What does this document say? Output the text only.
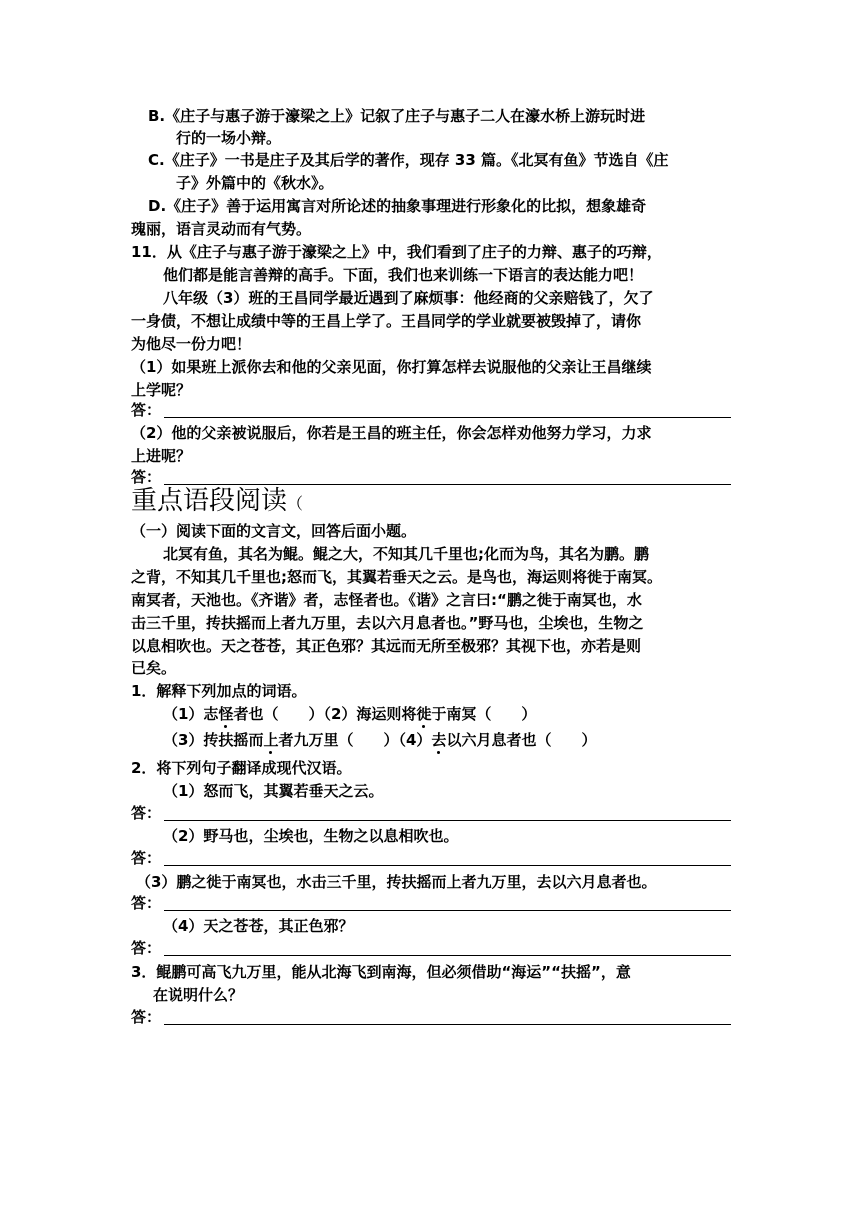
B.《庄子与惠子游于濠梁之上》记叙了庄子与惠子二人在濠水桥上游玩时进
行的一场小辩。
C.《庄子》一书是庄子及其后学的著作，现存 33 篇。《北冥有鱼》节选自《庄
子》外篇中的《秋水》。
D.《庄子》善于运用寓言对所论述的抽象事理进行形象化的比拟，想象雄奇
瑰丽，语言灵动而有气势。
11．从《庄子与惠子游于濠梁之上》中，我们看到了庄子的力辩、惠子的巧辩，
他们都是能言善辩的高手。下面，我们也来训练一下语言的表达能力吧！
八年级（3）班的王昌同学最近遇到了麻烦事：他经商的父亲赔钱了，欠了
一身债，不想让成绩中等的王昌上学了。王昌同学的学业就要被毁掉了，请你
为他尽一份力吧！
（1）如果班上派你去和他的父亲见面，你打算怎样去说服他的父亲让王昌继续
上学呢？
答：
（2）他的父亲被说服后，你若是王昌的班主任，你会怎样劝他努力学习，力求
上进呢？
答：
重点语段阅读（
（一）阅读下面的文言文，回答后面小题。
北冥有鱼，其名为鲲。鲲之大，不知其几千里也;化而为鸟，其名为鹏。鹏
之背，不知其几千里也;怒而飞，其翼若垂天之云。是鸟也，海运则将徙于南冥。
南冥者，天池也。《齐谐》者，志怪者也。《谐》之言曰:“鹏之徙于南冥也，水
击三千里，抟扶摇而上者九万里，去以六月息者也。”野马也，尘埃也，生物之
以息相吹也。天之苍苍，其正色邪？其远而无所至极邪？其视下也，亦若是则
已矣。
1．解释下列加点的词语。
（1）志怪者也（　　）（2）海运则将徙于南冥（　　）
（3）抟扶摇而上者九万里（　　）（4）去以六月息者也（　　）
2．将下列句子翻译成现代汉语。
（1）怒而飞，其翼若垂天之云。
答：
（2）野马也，尘埃也，生物之以息相吹也。
答：
（3）鹏之徙于南冥也，水击三千里，抟扶摇而上者九万里，去以六月息者也。
答：
（4）天之苍苍，其正色邪？
答：
3．鲲鹏可高飞九万里，能从北海飞到南海，但必须借助“海运”“扶摇”，意
在说明什么？
答：
